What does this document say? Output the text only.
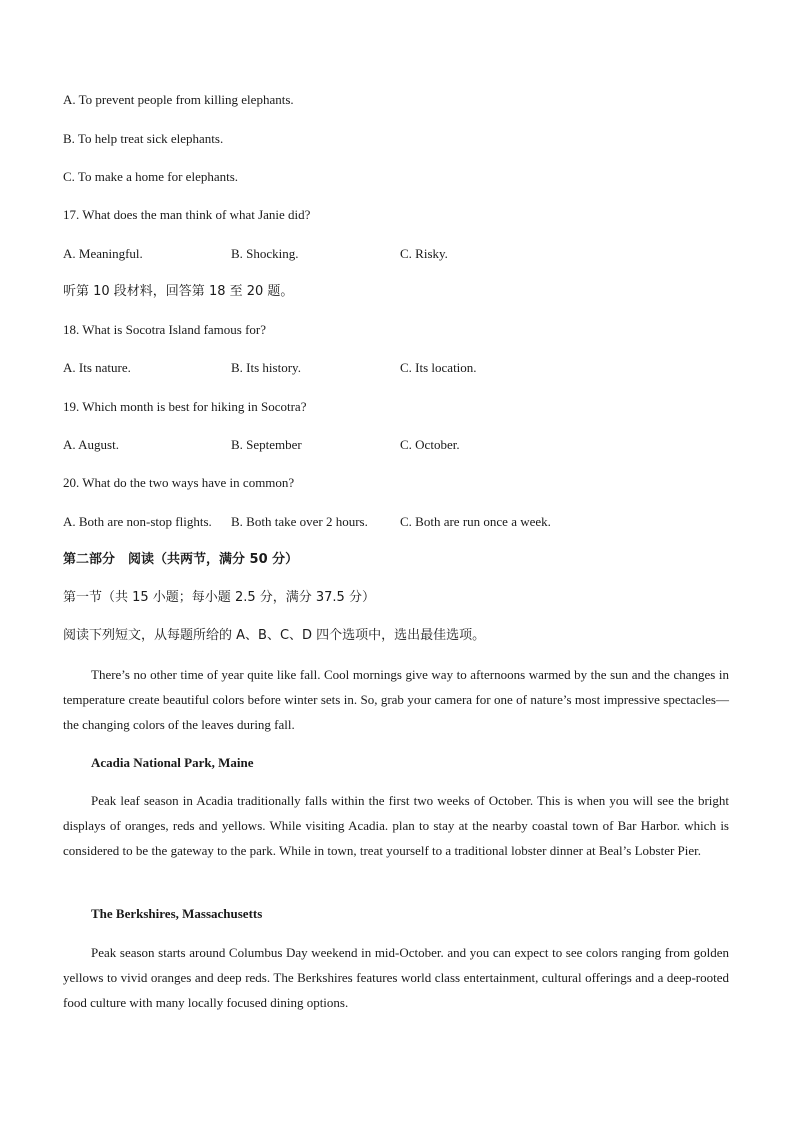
A. To prevent people from killing elephants.
B. To help treat sick elephants.
C. To make a home for elephants.
17. What does the man think of what Janie did?
A. Meaningful.	B. Shocking.	C. Risky.
听第 10 段材料，回答第 18 至 20 题。
18. What is Socotra Island famous for?
A. Its nature.	B. Its history.	C. Its location.
19. Which month is best for hiking in Socotra?
A. August.	B. September	C. October.
20. What do the two ways have in common?
A. Both are non-stop flights. B. Both take over 2 hours. C. Both are run once a week.
第二部分　阅读（共两节，满分 50 分）
第一节（共 15 小题；每小题 2.5 分，满分 37.5 分）
阅读下列短文，从每题所给的 A、B、C、D 四个选项中，选出最佳选项。
There’s no other time of year quite like fall. Cool mornings give way to afternoons warmed by the sun and the changes in temperature create beautiful colors before winter sets in. So, grab your camera for one of nature’s most impressive spectacles—the changing colors of the leaves during fall.
Acadia National Park, Maine
Peak leaf season in Acadia traditionally falls within the first two weeks of October. This is when you will see the bright displays of oranges, reds and yellows. While visiting Acadia. plan to stay at the nearby coastal town of Bar Harbor. which is considered to be the gateway to the park. While in town, treat yourself to a traditional lobster dinner at Beal’s Lobster Pier.
The Berkshires, Massachusetts
Peak season starts around Columbus Day weekend in mid-October. and you can expect to see colors ranging from golden yellows to vivid oranges and deep reds. The Berkshires features world class entertainment, cultural offerings and a deep-rooted food culture with many locally focused dining options.
